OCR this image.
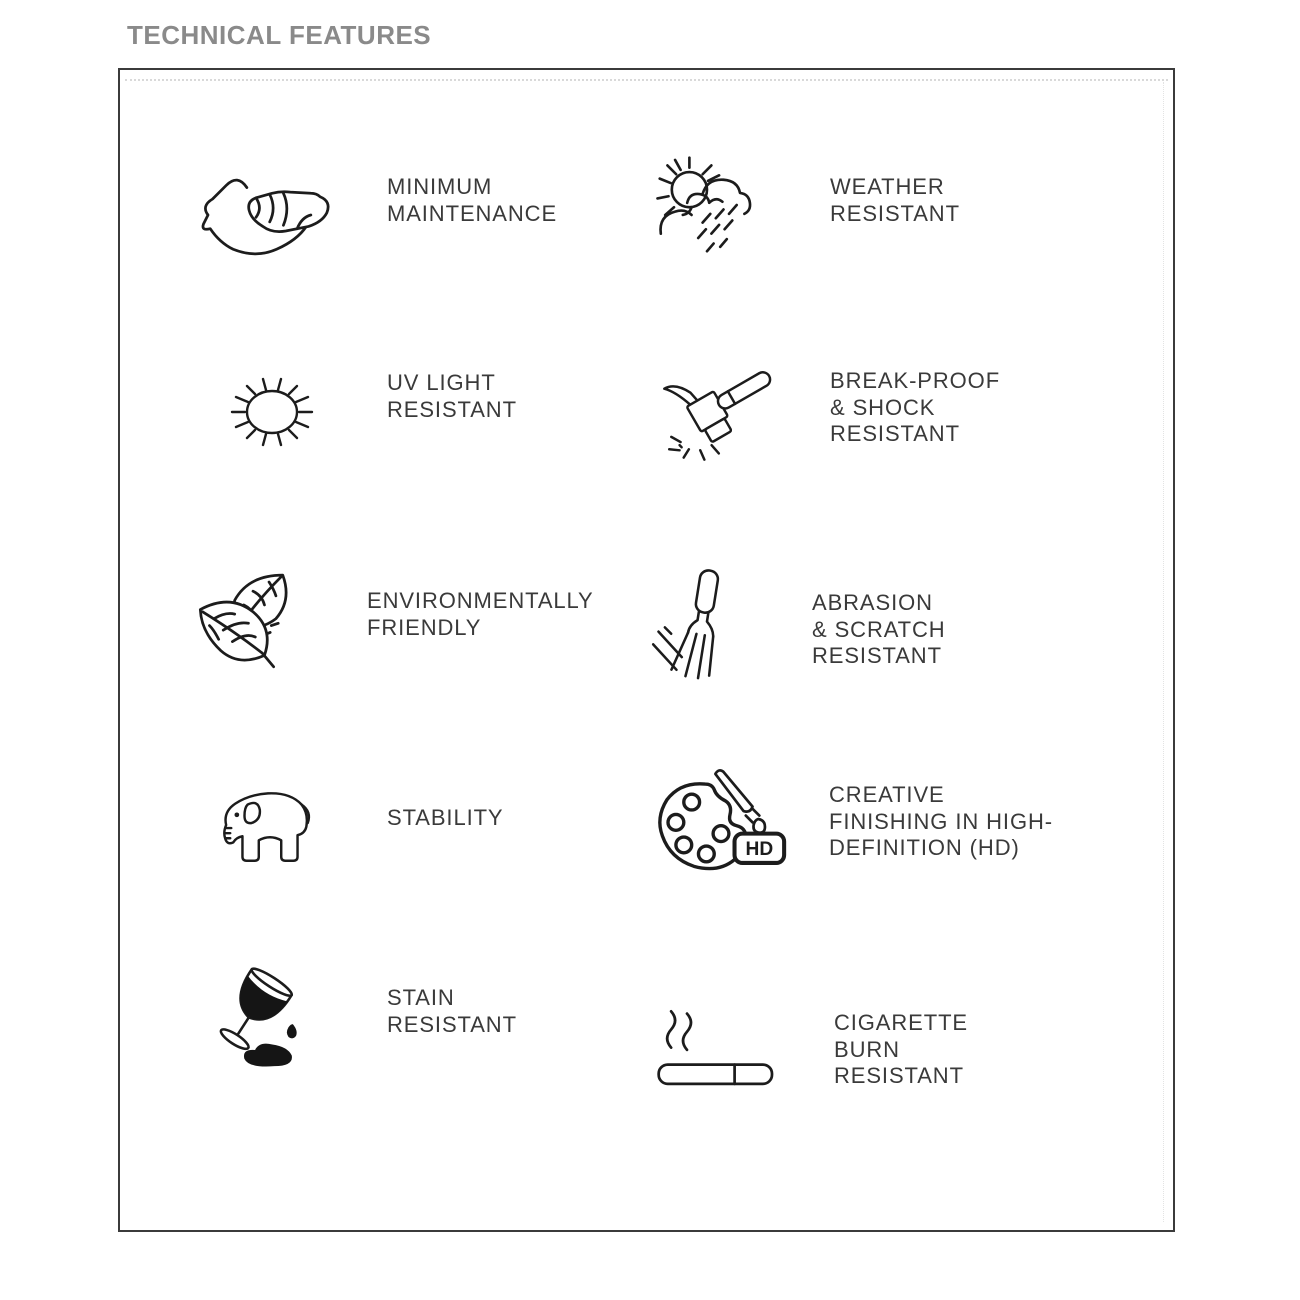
TECHNICAL FEATURES
MINIMUM
MAINTENANCE
WEATHER
RESISTANT
UV LIGHT
RESISTANT
BREAK-PROOF
& SHOCK
RESISTANT
ENVIRONMENTALLY
FRIENDLY
ABRASION
& SCRATCH
RESISTANT
STABILITY
HD
CREATIVE
FINISHING IN HIGH-
DEFINITION (HD)
STAIN
RESISTANT	CIGARETTE
BURN
RESISTANT
